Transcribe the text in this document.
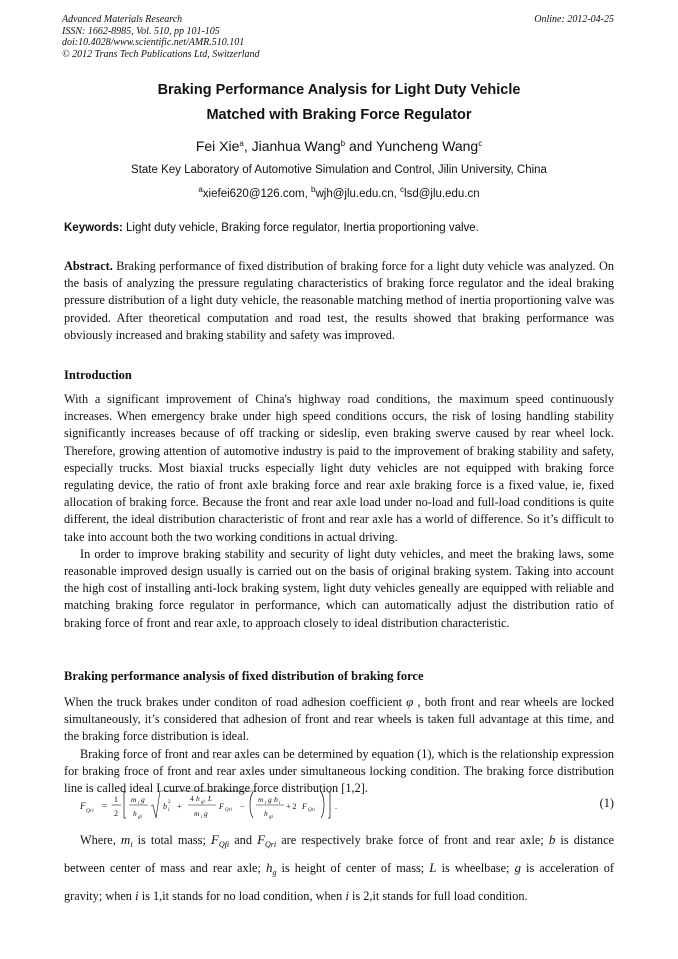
Advanced Materials Research
ISSN: 1662-8985, Vol. 510, pp 101-105
doi:10.4028/www.scientific.net/AMR.510.101
© 2012 Trans Tech Publications Ltd, Switzerland
Online: 2012-04-25
Braking Performance Analysis for Light Duty Vehicle
Matched with Braking Force Regulator
Fei Xie$^a$, Jianhua Wang$^b$ and Yuncheng Wang$^c$
State Key Laboratory of Automotive Simulation and Control, Jilin University, China
$^a$xiefei620@126.com, $^b$wjh@jlu.edu.cn, $^c$lsd@jlu.edu.cn
Keywords: Light duty vehicle, Braking force regulator, Inertia proportioning valve.
Abstract. Braking performance of fixed distribution of braking force for a light duty vehicle was analyzed. On the basis of analyzing the pressure regulating characteristics of braking force regulator and the ideal braking pressure distribution of a light duty vehicle, the reasonable matching method of inertia proportioning valve was provided. After theoretical computation and road test, the results showed that braking performance was obviously increased and braking stability and safety was improved.
Introduction
With a significant improvement of China's highway road conditions, the maximum speed continuously increases. When emergency brake under high speed conditions occurs, the risk of losing handling stability significantly increases because of off tracking or sideslip, even braking swerve caused by rear wheel lock. Therefore, growing attention of automotive industry is paid to the improvement of braking stability and safety, especially trucks. Most biaxial trucks especially light duty vehicles are not equipped with braking force regulating device, the ratio of front axle braking force and rear axle braking force is a fixed value, ie, fixed allocation of braking force. Because the front and rear axle load under no-load and full-load conditions is quite different, the ideal distribution characteristic of front and rear axle has a world of difference. So it’s difficult to take into account both the two working conditions in actual driving.
In order to improve braking stability and security of light duty vehicles, and meet the braking laws, some reasonable improved design usually is carried out on the basis of original braking system. Taking into account the high cost of installing anti-lock braking system, light duty vehicles geneally are equipped with reliable and matching braking force regulator in performance, which can automatically adjust the distribution ratio of braking force of front and rear axle, to approach closely to ideal distribution characteristic.
Braking performance analysis of fixed distribution of braking force
When the truck brakes under conditon of road adhesion coefficient φ , both front and rear wheels are locked simultaneously, it’s considered that adhesion of front and rear wheels is taken full advantage at this time, and the braking force distribution is ideal.
Braking force of front and rear axles can be determined by equation (1), which is the relationship expression for braking froce of front and rear axles under simultaneous locking condition. The braking force distribution line is called ideal I curve of brakinge force distribution [1,2].
F Qri =
1
2
m i g
h gi
b i
2 +
4 h gi L
m i g
F Qri −
m i g b i
h gi
+ 2 F Qri	.	(1)
Where, $m_i$ is total mass; $F_{Qfi}$ and $F_{Qri}$ are respectively brake force of front and rear axle; b is distance between center of mass and rear axle; $h_g$ is height of center of mass; L is wheelbase; g is acceleration of gravity; when i is 1,it stands for no load condition, when i is 2,it stands for full load condition.
